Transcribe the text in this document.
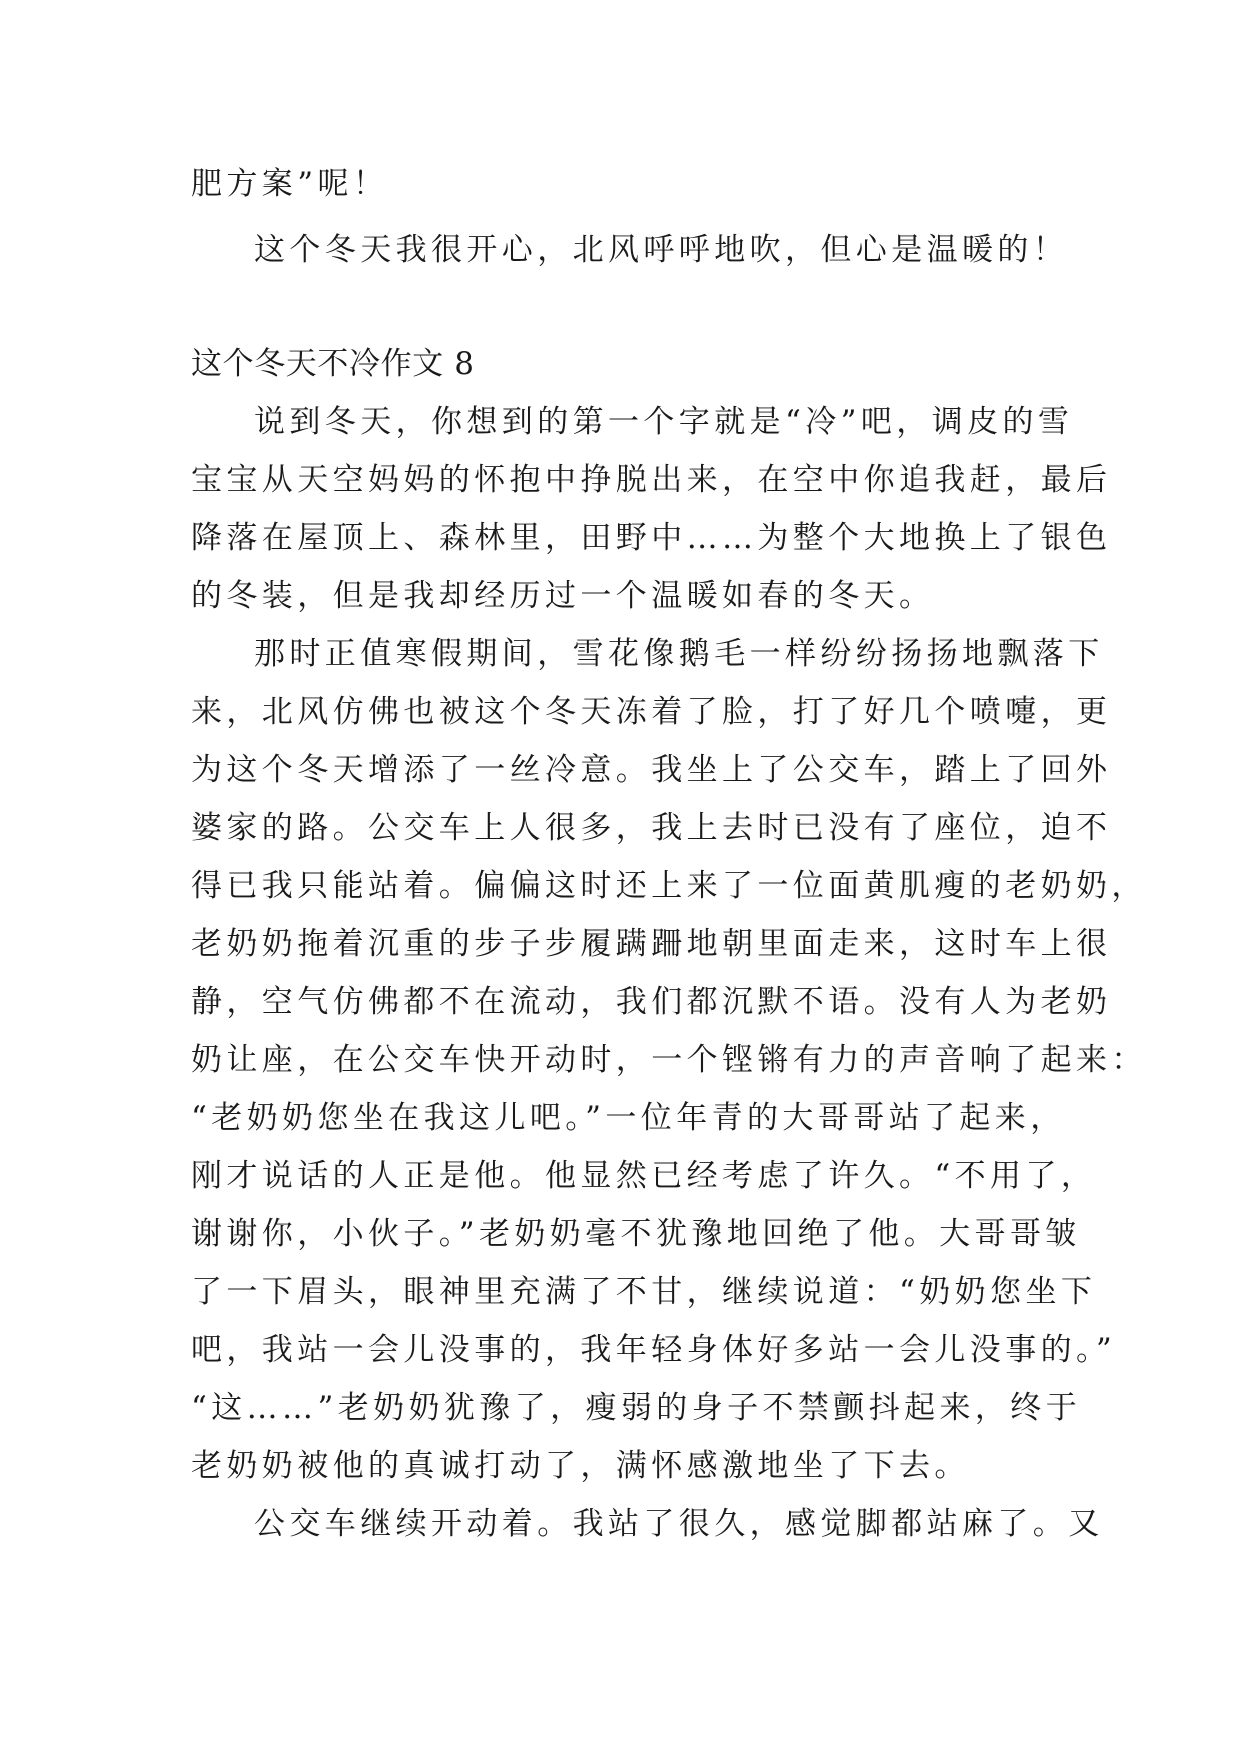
肥方案”呢！
这个冬天我很开心，北风呼呼地吹，但心是温暖的！
这个冬天不冷作文 8
说到冬天，你想到的第一个字就是“冷”吧，调皮的雪
宝宝从天空妈妈的怀抱中挣脱出来，在空中你追我赶，最后
降落在屋顶上、森林里，田野中……为整个大地换上了银色
的冬装，但是我却经历过一个温暖如春的冬天。
那时正值寒假期间，雪花像鹅毛一样纷纷扬扬地飘落下
来，北风仿佛也被这个冬天冻着了脸，打了好几个喷嚏，更
为这个冬天增添了一丝冷意。我坐上了公交车，踏上了回外
婆家的路。公交车上人很多，我上去时已没有了座位，迫不
得已我只能站着。偏偏这时还上来了一位面黄肌瘦的老奶奶，
老奶奶拖着沉重的步子步履蹒跚地朝里面走来，这时车上很
静，空气仿佛都不在流动，我们都沉默不语。没有人为老奶
奶让座，在公交车快开动时，一个铿锵有力的声音响了起来：
“老奶奶您坐在我这儿吧。”一位年青的大哥哥站了起来，
刚才说话的人正是他。他显然已经考虑了许久。“不用了，
谢谢你，小伙子。”老奶奶毫不犹豫地回绝了他。大哥哥皱
了一下眉头，眼神里充满了不甘，继续说道：“奶奶您坐下
吧，我站一会儿没事的，我年轻身体好多站一会儿没事的。”
“这……”老奶奶犹豫了，瘦弱的身子不禁颤抖起来，终于
老奶奶被他的真诚打动了，满怀感激地坐了下去。
公交车继续开动着。我站了很久，感觉脚都站麻了。又
